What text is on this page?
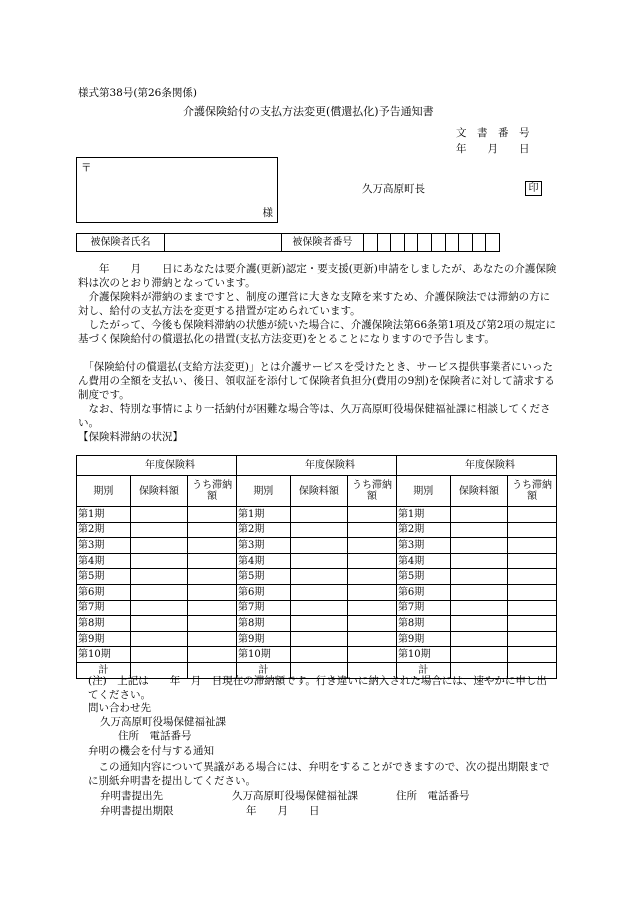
様式第38号(第26条関係)
介護保険給付の支払方法変更(償還払化)予告通知書
文　書　番　号
年　　月　　日
〒
様
久万高原町長	印
被保険者氏名		被保険者番号										
　　年　　月　　日にあなたは要介護(更新)認定・要支援(更新)申請をしましたが、あなたの介護保険料は次のとおり滞納となっています。
　介護保険料が滞納のままですと、制度の運営に大きな支障を来すため、介護保険法では滞納の方に対し、給付の支払方法を変更する措置が定められています。
　したがって、今後も保険料滞納の状態が続いた場合に、介護保険法第66条第1項及び第2項の規定に基づく保険給付の償還払化の措置(支払方法変更)をとることになりますので予告します。
　「保険給付の償還払(支給方法変更)」とは介護サービスを受けたとき、サービス提供事業者にいったん費用の全額を支払い、後日、領収証を添付して保険者負担分(費用の9割)を保険者に対して請求する制度です。
　なお、特別な事情により一括納付が困難な場合等は、久万高原町役場保健福祉課に相談してください。
【保険料滞納の状況】
年度保険料			年度保険料			年度保険料		
期別	保険料額	うち滞納額	期別	保険料額	うち滞納額	期別	保険料額	うち滞納額

第1期			第1期			第1期		
第2期			第2期			第2期		
第3期			第3期			第3期		
第4期			第4期			第4期		
第5期			第5期			第5期		
第6期			第6期			第6期		
第7期			第7期			第7期		
第8期			第8期			第8期		
第9期			第9期			第9期		
第10期			第10期			第10期		
計			計			計		
(注)　上記は　　年　月　日現在の滞納額です。行き違いに納入された場合には、速やかに申し出てください。
問い合わせ先
久万高原町役場保健福祉課
住所　電話番号
弁明の機会を付与する通知
　この通知内容について異議がある場合には、弁明をすることができますので、次の提出期限までに別紙弁明書を提出してください。
弁明書提出先	久万高原町役場保健福祉課	住所　電話番号
弁明書提出期限	年　　月　　日
